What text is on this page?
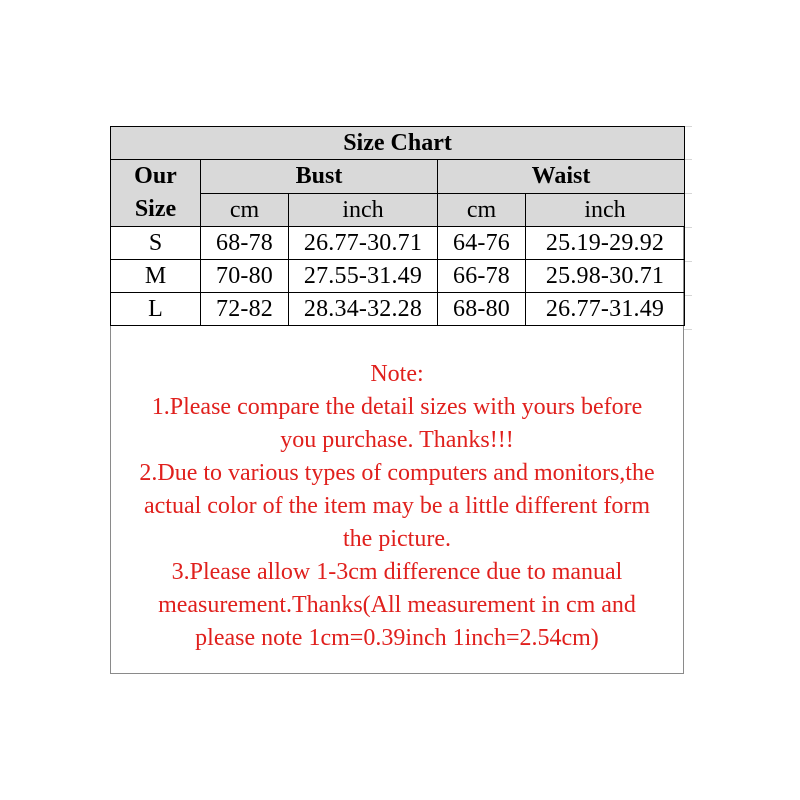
Size Chart				
Our
Size	Bust		Waist	
	cm	inch	cm	inch
S	68-78	26.77-30.71	64-76	25.19-29.92
M	70-80	27.55-31.49	66-78	25.98-30.71
L	72-82	28.34-32.28	68-80	26.77-31.49

Note:

1.Please compare the detail sizes with yours before
you purchase. Thanks!!!

2.Due to various types of computers and monitors,the
actual color of the item may be a little different form
the picture.

3.Please allow 1-3cm difference due to manual
measurement.Thanks(All measurement in cm and
please note 1cm=0.39inch 1inch=2.54cm)
